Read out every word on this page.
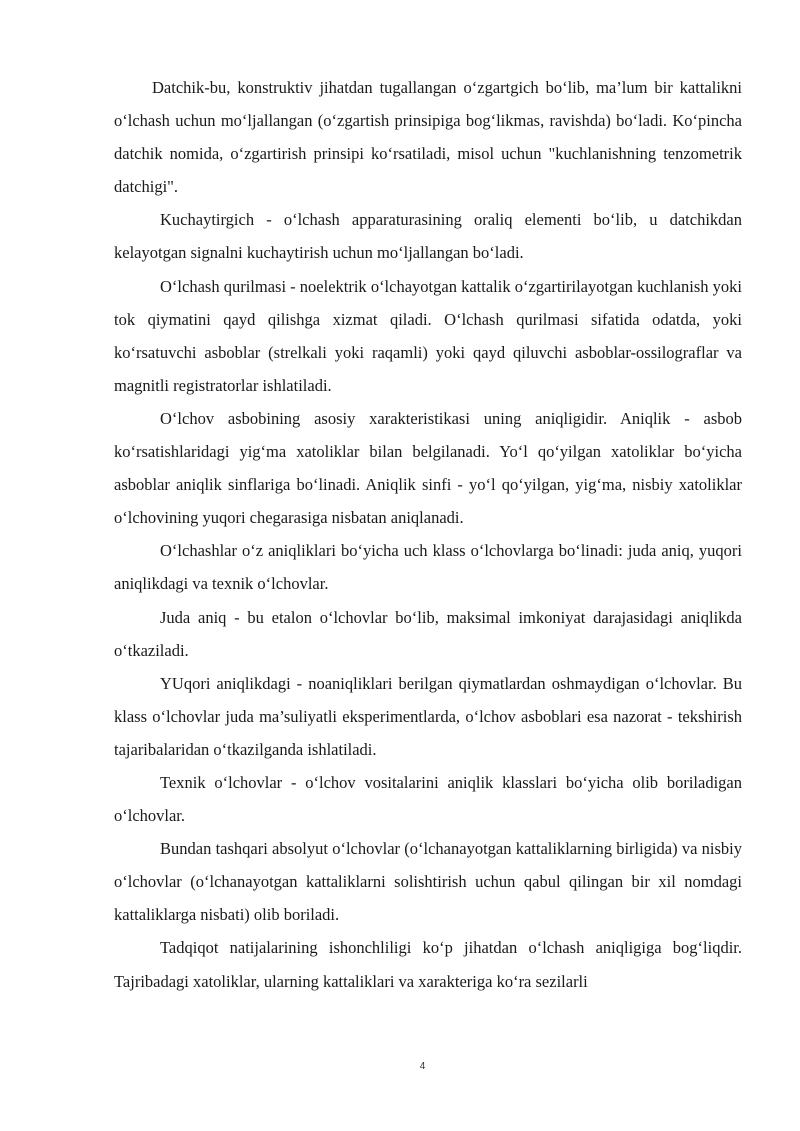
Datchik-bu, konstruktiv jihatdan tugallangan o‘zgartgich bo‘lib, ma’lum bir kattalikni o‘lchash uchun mo‘ljallangan (o‘zgartish prinsipiga bog‘likmas, ravishda) bo‘ladi. Ko‘pincha datchik nomida, o‘zgartirish prinsipi ko‘rsatiladi, misol uchun "kuchlanishning tenzometrik datchigi".

Kuchaytirgich - o‘lchash apparaturasining oraliq elementi bo‘lib, u datchikdan kelayotgan signalni kuchaytirish uchun mo‘ljallangan bo‘ladi.

O‘lchash qurilmasi - noelektrik o‘lchayotgan kattalik o‘zgartirilayotgan kuchlanish yoki tok qiymatini qayd qilishga xizmat qiladi. O‘lchash qurilmasi sifatida odatda, yoki ko‘rsatuvchi asboblar (strelkali yoki raqamli) yoki qayd qiluvchi asboblar-ossilograflar va magnitli registratorlar ishlatiladi.

O‘lchov asbobining asosiy xarakteristikasi uning aniqligidir. Aniqlik - asbob ko‘rsatishlaridagi yig‘ma xatoliklar bilan belgilanadi. Yo‘l qo‘yilgan xatoliklar bo‘yicha asboblar aniqlik sinflariga bo‘linadi. Aniqlik sinfi - yo‘l qo‘yilgan, yig‘ma, nisbiy xatoliklar o‘lchovining yuqori chegarasiga nisbatan aniqlanadi.

O‘lchashlar o‘z aniqliklari bo‘yicha uch klass o‘lchovlarga bo‘linadi: juda aniq, yuqori aniqlikdagi va texnik o‘lchovlar.

Juda aniq - bu etalon o‘lchovlar bo‘lib, maksimal imkoniyat darajasidagi aniqlikda o‘tkaziladi.

YUqori aniqlikdagi - noaniqliklari berilgan qiymatlardan oshmaydigan o‘lchovlar. Bu klass o‘lchovlar juda ma’suliyatli eksperimentlarda, o‘lchov asboblari esa nazorat - tekshirish tajaribalaridan o‘tkazilganda ishlatiladi.

Texnik o‘lchovlar - o‘lchov vositalarini aniqlik klasslari bo‘yicha olib boriladigan o‘lchovlar.

Bundan tashqari absolyut o‘lchovlar (o‘lchanayotgan kattaliklarning birligida) va nisbiy o‘lchovlar (o‘lchanayotgan kattaliklarni solishtirish uchun qabul qilingan bir xil nomdagi kattaliklarga nisbati) olib boriladi.

Tadqiqot natijalarining ishonchliligi ko‘p jihatdan o‘lchash aniqligiga bog‘liqdir. Tajribadagi xatoliklar, ularning kattaliklari va xarakteriga ko‘ra sezilarli

4
